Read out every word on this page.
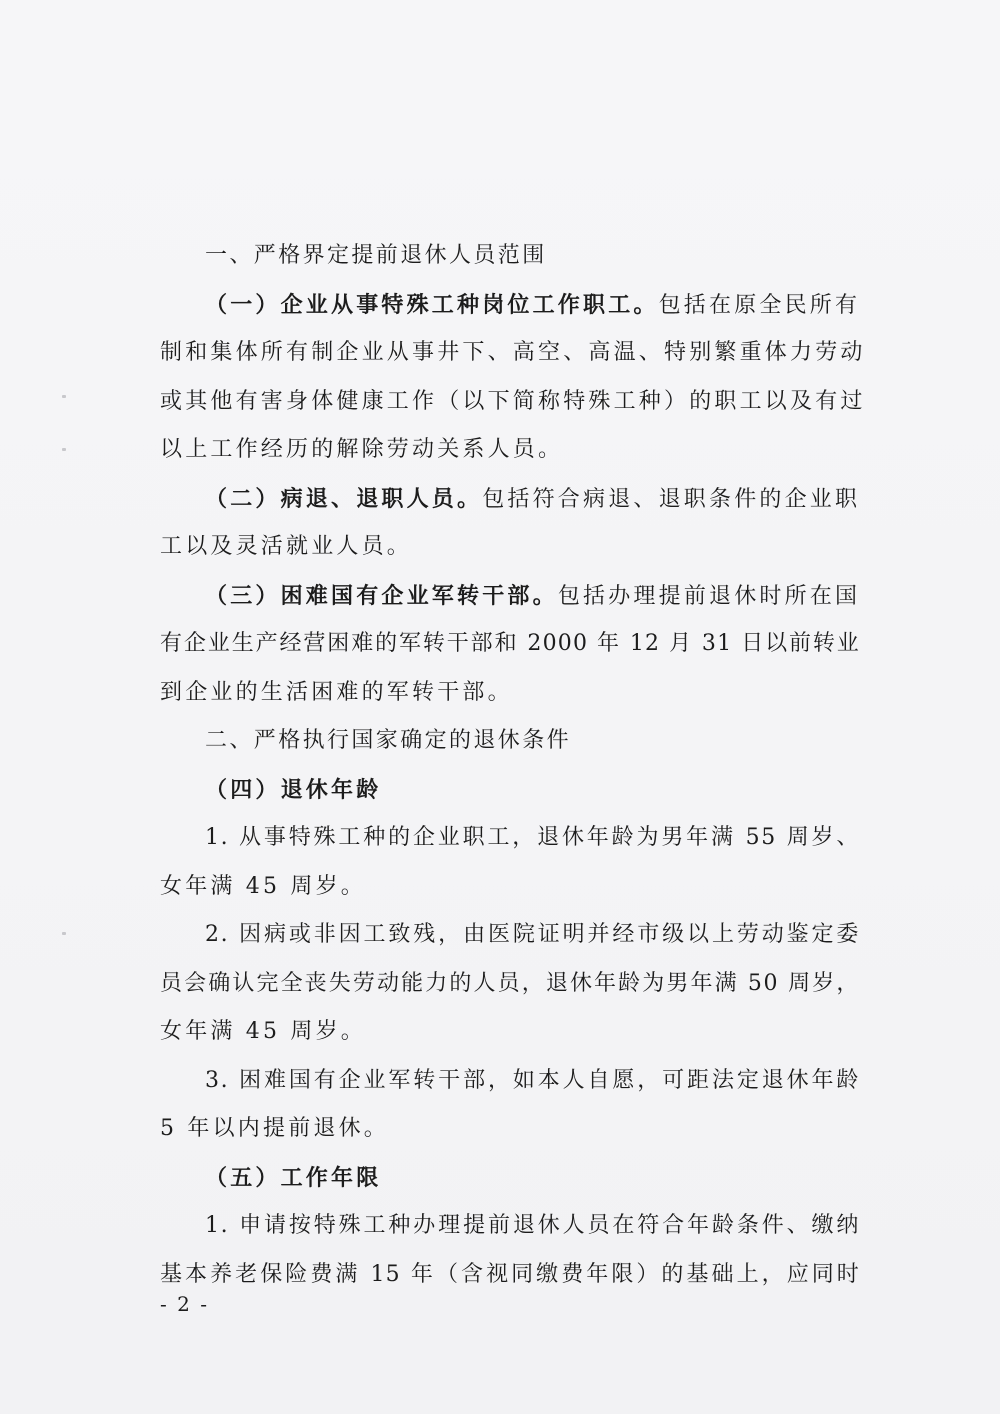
一、严格界定提前退休人员范围
（一）企业从事特殊工种岗位工作职工。包括在原全民所有
制和集体所有制企业从事井下、高空、高温、特别繁重体力劳动
或其他有害身体健康工作（以下简称特殊工种）的职工以及有过
以上工作经历的解除劳动关系人员。
（二）病退、退职人员。包括符合病退、退职条件的企业职
工以及灵活就业人员。
（三）困难国有企业军转干部。包括办理提前退休时所在国
有企业生产经营困难的军转干部和 2000 年 12 月 31 日以前转业
到企业的生活困难的军转干部。
二、严格执行国家确定的退休条件
（四）退休年龄
1. 从事特殊工种的企业职工，退休年龄为男年满 55 周岁、
女年满 45 周岁。
2. 因病或非因工致残，由医院证明并经市级以上劳动鉴定委
员会确认完全丧失劳动能力的人员，退休年龄为男年满 50 周岁，
女年满 45 周岁。
3. 困难国有企业军转干部，如本人自愿，可距法定退休年龄
5 年以内提前退休。
（五）工作年限
1. 申请按特殊工种办理提前退休人员在符合年龄条件、缴纳
基本养老保险费满 15 年（含视同缴费年限）的基础上，应同时
- 2 -
